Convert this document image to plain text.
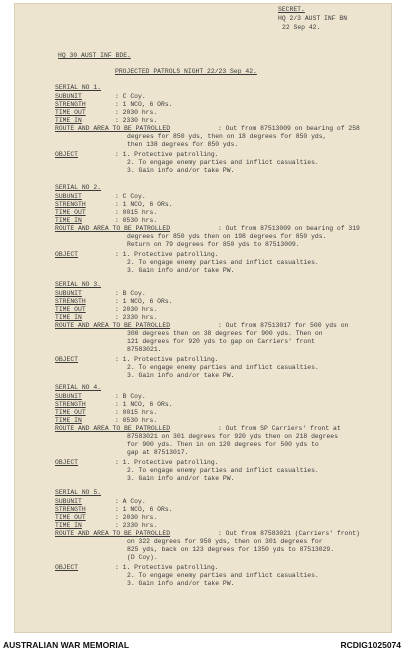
SECRET.
HQ 2/3 AUST INF BN
22 Sep 42.
HQ 30 AUST INF BDE.
PROJECTED PATROLS NIGHT 22/23 Sep 42.
SERIAL NO 1.
SUBUNIT	: C Coy.
STRENGTH	: 1 NCO, 6 ORs.
TIME OUT	: 2030 hrs.
TIME IN	: 2330 hrs.
ROUTE AND AREA TO BE PATROLLED	: Out from 87513009 on bearing of 258
degrees for 850 yds, then on 18 degrees for 850 yds,
then 138 degrees for 850 yds.
OBJECT	: 1. Protective patrolling.
2. To engage enemy parties and inflict casualties.
3. Gain info and/or take PW.
SERIAL NO 2.
SUBUNIT	: C Coy.
STRENGTH	: 1 NCO, 6 ORs.
TIME OUT	: 0015 hrs.
TIME IN	: 0530 hrs.
ROUTE AND AREA TO BE PATROLLED	: Out from 87513009 on bearing of 319
degrees for 850 yds then on 198 degrees for 850 yds.
Return on 79 degrees for 850 yds to 87513009.
OBJECT	: 1. Protective patrolling.
2. To engage enemy parties and inflict casualties.
3. Gain info and/or take PW.
SERIAL NO 3.
SUBUNIT	: B Coy.
STRENGTH	: 1 NCO, 6 ORs.
TIME OUT	: 2030 hrs.
TIME IN	: 2330 hrs.
ROUTE AND AREA TO BE PATROLLED	: Out from 87513017 for 500 yds on
300 degrees then on 38 degrees for 900 yds. Then on
121 degrees for 920 yds to gap on Carriers' front
87583021.
OBJECT	: 1. Protective patrolling.
2. To engage enemy parties and inflict casualties.
3. Gain info and/or take PW.
SERIAL NO 4.
SUBUNIT	: B Coy.
STRENGTH	: 1 NCO, 6 ORs.
TIME OUT	: 0015 hrs.
TIME IN	: 0530 hrs.
ROUTE AND AREA TO BE PATROLLED	: Out from SP Carriers' front at
87583021 on 301 degrees for 920 yds then on 218 degrees
for 900 yds. Then in on 120 degrees for 500 yds to
gap at 87513017.
OBJECT	: 1. Protective patrolling.
2. To engage enemy parties and inflict casualties.
3. Gain info and/or take PW.
SERIAL NO 5.
SUBUNIT	: A Coy.
STRENGTH	: 1 NCO, 6 ORs.
TIME OUT	: 2030 hrs.
TIME IN	: 2330 hrs.
ROUTE AND AREA TO BE PATROLLED	: Out from 87583021 (Carriers' front)
on 322 degrees for 950 yds, then on 301 degrees for
825 yds, back on 123 degrees for 1350 yds to 87513029.
(D Coy).
OBJECT	: 1. Protective patrolling.
2. To engage enemy parties and inflict casualties.
3. Gain info and/or take PW.
AUSTRALIAN WAR MEMORIAL	RCDIG1025074
